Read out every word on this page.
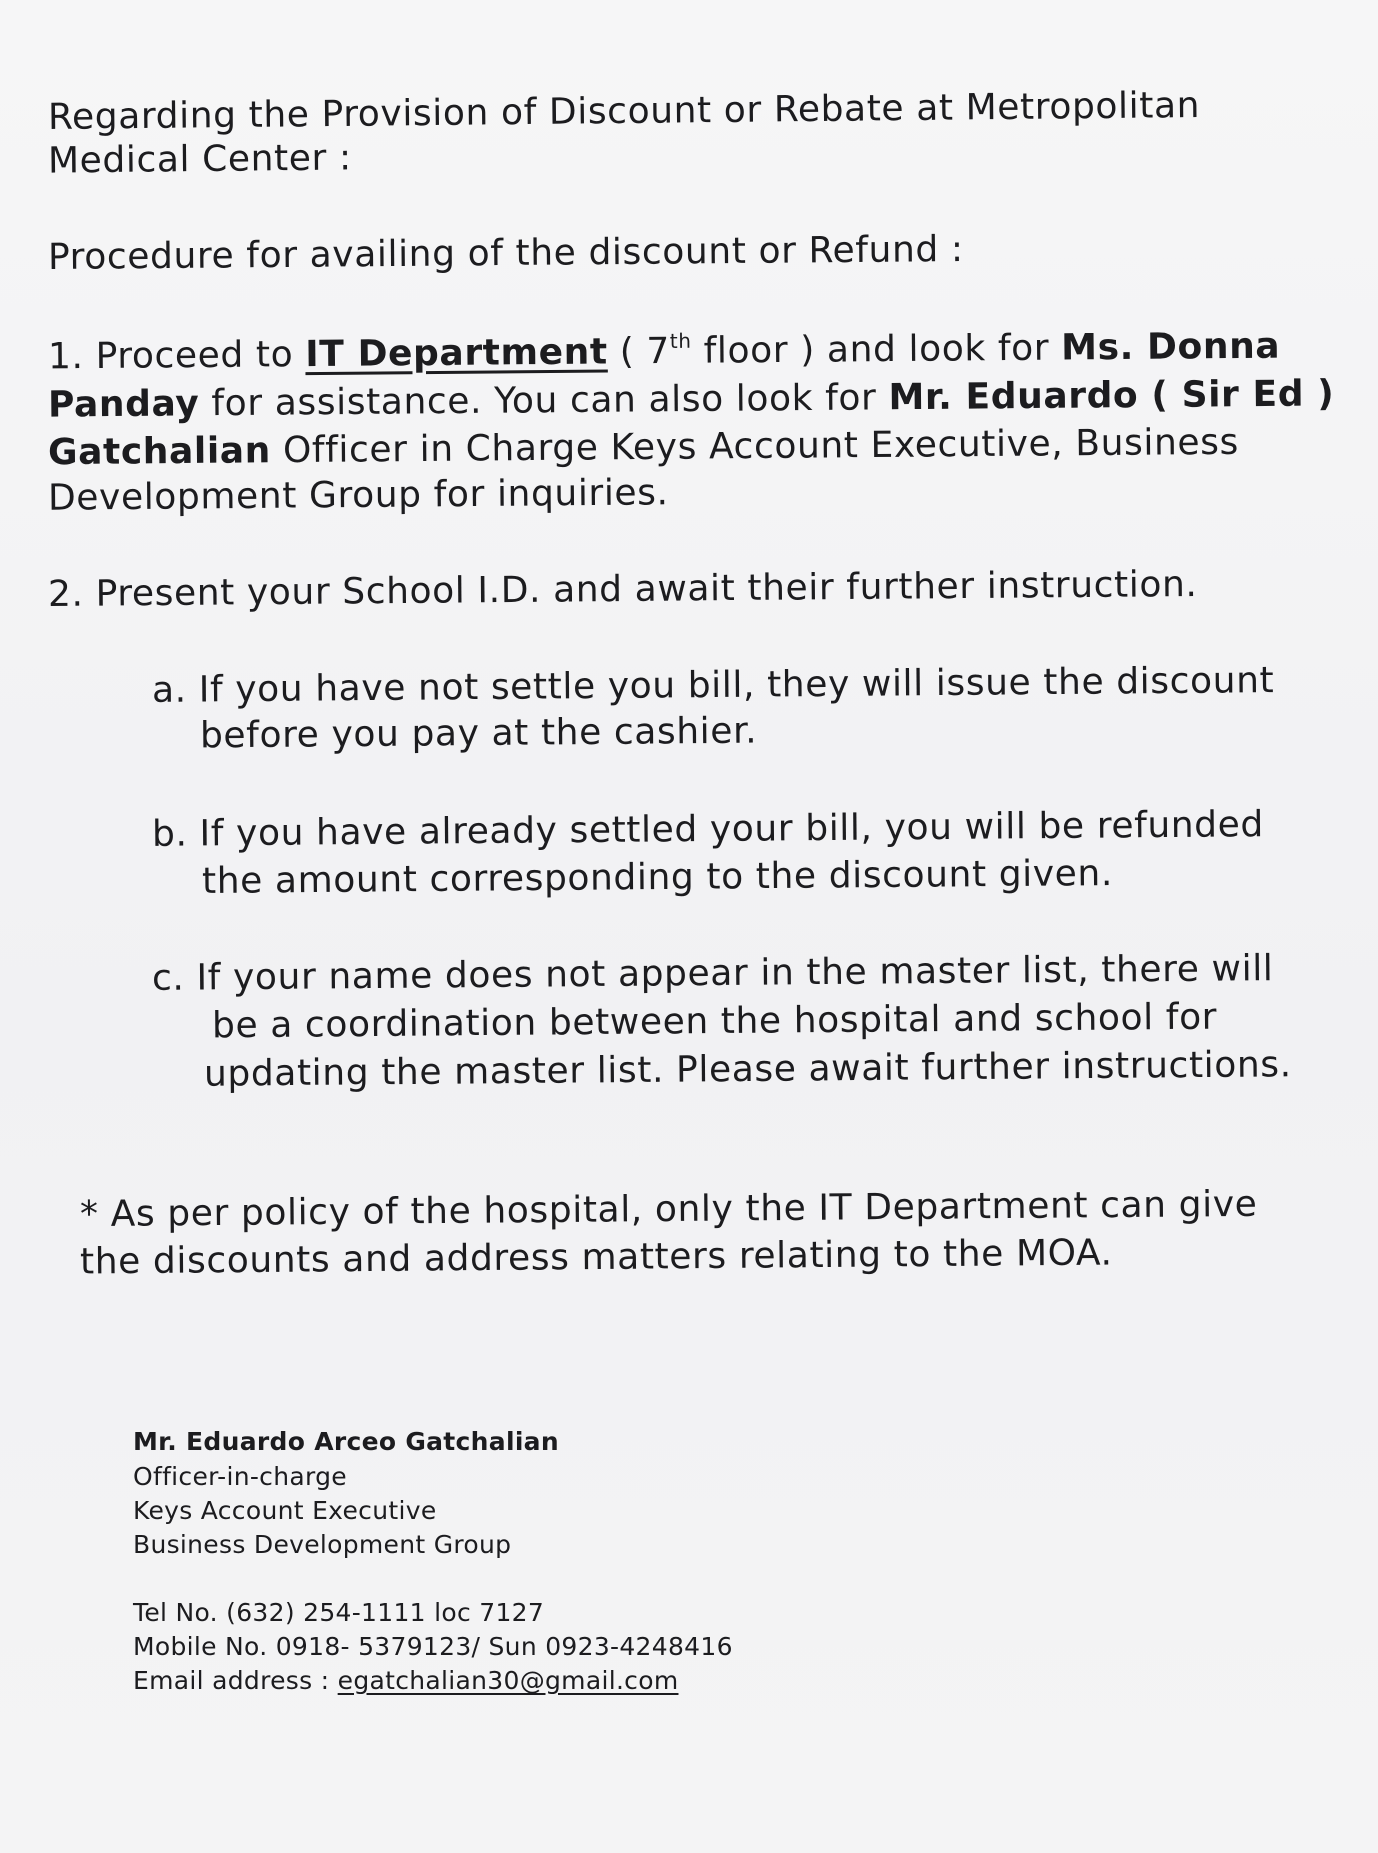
Regarding the Provision of Discount or Rebate at Metropolitan
Medical Center :
Procedure for availing of the discount or Refund :
1. Proceed to IT Department ( 7th floor ) and look for Ms. Donna
Panday for assistance. You can also look for Mr. Eduardo ( Sir Ed )
Gatchalian Officer in Charge Keys Account Executive, Business
Development Group for inquiries.
2. Present your School I.D. and await their further instruction.
a. If you have not settle you bill, they will issue the discount
before you pay at the cashier.
b. If you have already settled your bill, you will be refunded
the amount corresponding to the discount given.
c. If your name does not appear in the master list, there will
be a coordination between the hospital and school for
updating the master list. Please await further instructions.
* As per policy of the hospital, only the IT Department can give
the discounts and address matters relating to the MOA.
Mr. Eduardo Arceo Gatchalian
Officer-in-charge
Keys Account Executive
Business Development Group
Tel No. (632) 254-1111 loc 7127
Mobile No. 0918- 5379123/ Sun 0923-4248416
Email address : egatchalian30@gmail.com
